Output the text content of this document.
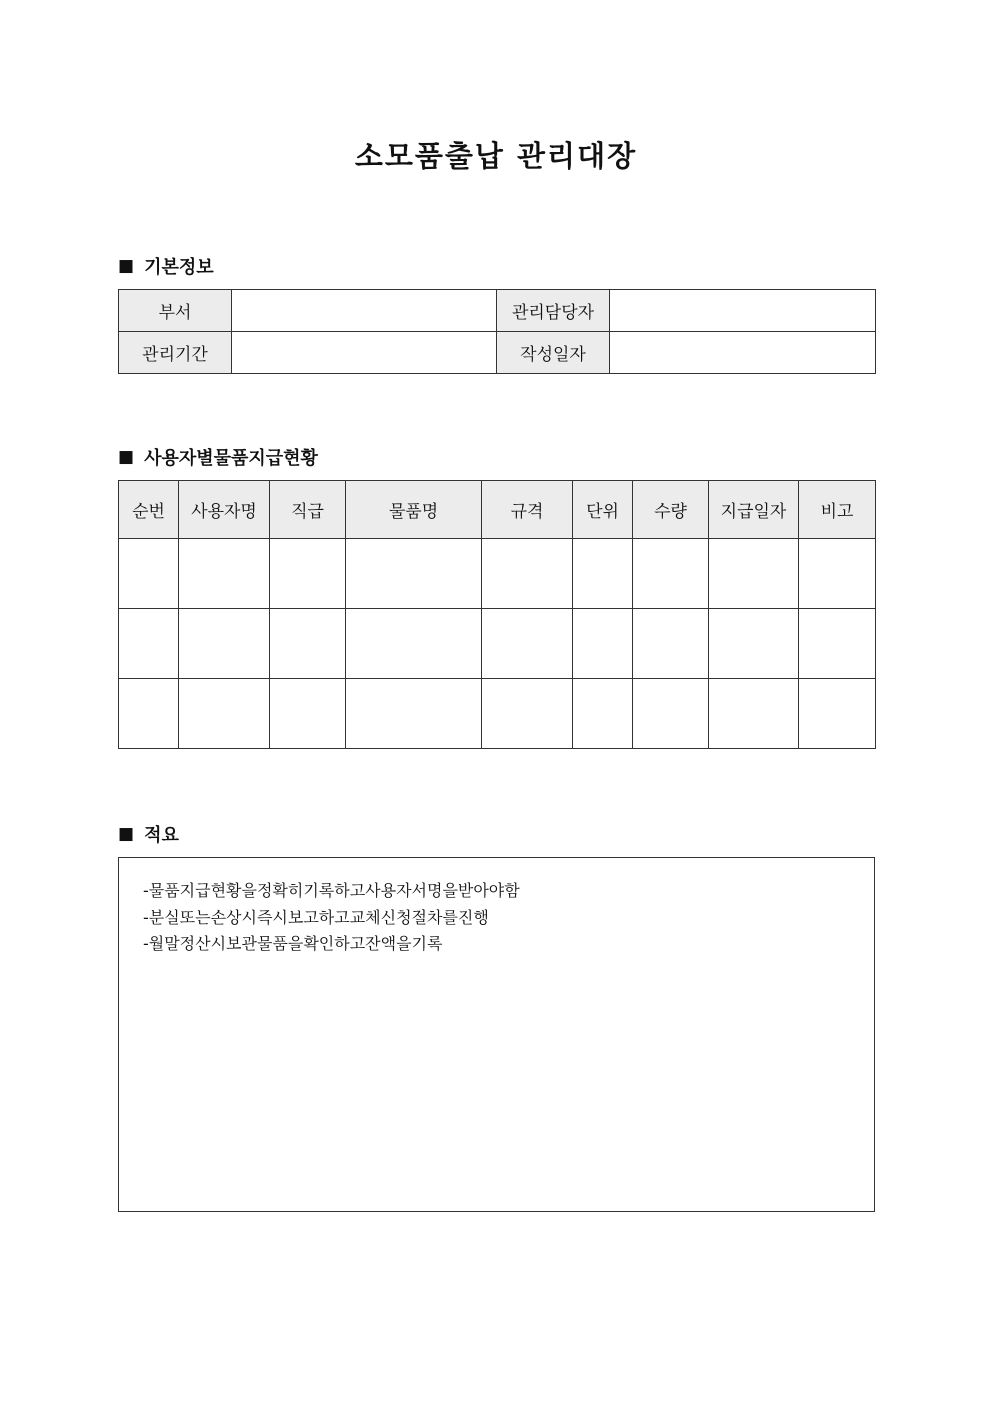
소모품출납 관리대장
■ 기본정보
부서		관리담당자	
관리기간		작성일자	
■ 사용자별물품지급현황
순번	사용자명	직급	물품명	규격	단위	수량	지급일자	비고

■ 적요
-물품지급현황을정확히기록하고사용자서명을받아야함
-분실또는손상시즉시보고하고교체신청절차를진행
-월말정산시보관물품을확인하고잔액을기록
